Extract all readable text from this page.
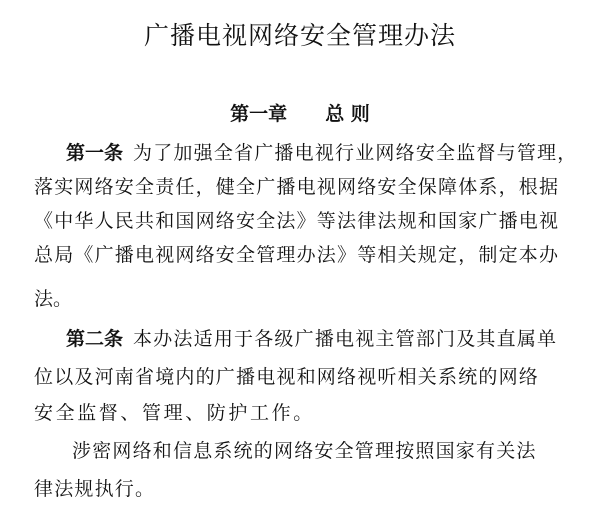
广播电视网络安全管理办法
第一章 总 则
第一条 为了加强全省广播电视行业网络安全监督与管理，
落实网络安全责任，健全广播电视网络安全保障体系，根据
《中华人民共和国网络安全法》等法律法规和国家广播电视
总局《广播电视网络安全管理办法》等相关规定，制定本办
法。
第二条 本办法适用于各级广播电视主管部门及其直属单
位以及河南省境内的广播电视和网络视听相关系统的网络
安全监督、管理、防护工作。
涉密网络和信息系统的网络安全管理按照国家有关法
律法规执行。
